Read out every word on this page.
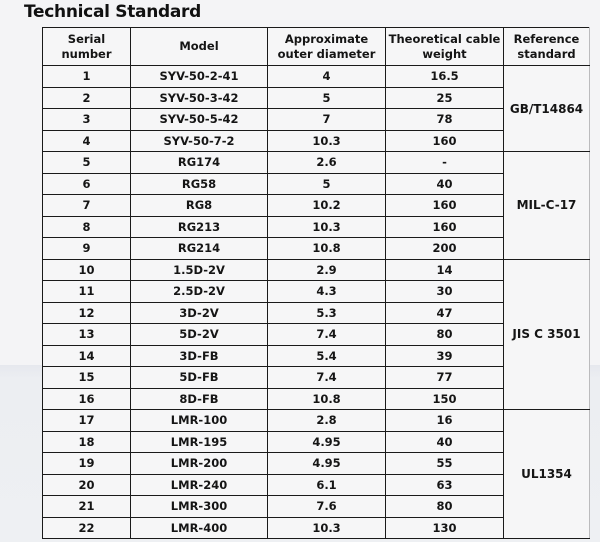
Technical Standard
Serial number	Model	Approximate outer diameter	Theoretical cable weight	Reference standard
1	SYV-50-2-41	4	16.5	GB/T14864
2	SYV-50-3-42	5	25	
3	SYV-50-5-42	7	78	
4	SYV-50-7-2	10.3	160	
5	RG174	2.6	-	MIL-C-17
6	RG58	5	40	
7	RG8	10.2	160	
8	RG213	10.3	160	
9	RG214	10.8	200	
10	1.5D-2V	2.9	14	JIS C 3501
11	2.5D-2V	4.3	30	
12	3D-2V	5.3	47	
13	5D-2V	7.4	80	
14	3D-FB	5.4	39	
15	5D-FB	7.4	77	
16	8D-FB	10.8	150	
17	LMR-100	2.8	16	UL1354
18	LMR-195	4.95	40	
19	LMR-200	4.95	55	
20	LMR-240	6.1	63	
21	LMR-300	7.6	80	
22	LMR-400	10.3	130	
